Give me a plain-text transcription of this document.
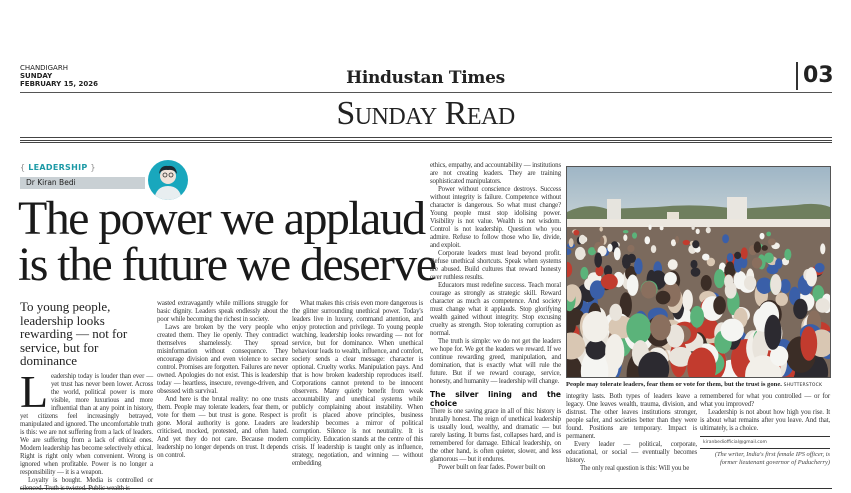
CHANDIGARH
SUNDAY
FEBRUARY 15, 2026	Hindustan Times	03
Sunday Read
{ LEADERSHIP }
Dr Kiran Bedi
The power we applaud
is the future we deserve
To young people, leadership looks rewarding — not for service, but for dominance

Leadership today is louder than ever — yet trust has never been lower. Across the world, political power is more visible, more luxurious and more influential than at any point in history, yet citizens feel increasingly betrayed, manipulated and ignored. The uncomfortable truth is this: we are not suffering from a lack of leaders. We are suffering from a lack of ethical ones. Modern leadership has become selectively ethical. Right is right only when convenient. Wrong is ignored when profitable. Power is no longer a responsibility — it is a weapon.

Loyalty is bought. Media is controlled or silenced. Truth is twisted. Public wealth is

wasted extravagantly while millions struggle for basic dignity. Leaders speak endlessly about the poor while becoming the richest in society.

Laws are broken by the very people who created them. They lie openly. They contradict themselves shamelessly. They spread misinformation without consequence. They encourage division and even violence to secure control. Promises are forgotten. Failures are never owned. Apologies do not exist. This is leadership today — heartless, insecure, revenge-driven, and obsessed with survival.

And here is the brutal reality: no one trusts them. People may tolerate leaders, fear them, or vote for them — but trust is gone. Respect is gone. Moral authority is gone. Leaders are criticised, mocked, protested, and often hated. And yet they do not care. Because modern leadership no longer depends on trust. It depends on control.

What makes this crisis even more dangerous is the glitter surrounding unethical power. Today's leaders live in luxury, command attention, and enjoy protection and privilege. To young people watching, leadership looks rewarding — not for service, but for dominance. When unethical behaviour leads to wealth, influence, and comfort, society sends a clear message: character is optional. Cruelty works. Manipulation pays. And that is how broken leadership reproduces itself. Corporations cannot pretend to be innocent observers. Many quietly benefit from weak accountability and unethical systems while publicly complaining about instability. When profit is placed above principles, business leadership becomes a mirror of political corruption. Silence is not neutrality. It is complicity. Education stands at the centre of this crisis. If leadership is taught only as influence, strategy, negotiation, and winning — without embedding

ethics, empathy, and accountability — institutions are not creating leaders. They are training sophisticated manipulators.

Power without conscience destroys. Success without integrity is failure. Competence without character is dangerous. So what must change? Young people must stop idolising power. Visibility is not value. Wealth is not wisdom. Control is not leadership. Question who you admire. Refuse to follow those who lie, divide, and exploit.

Corporate leaders must lead beyond profit. Refuse unethical shortcuts. Speak when systems are abused. Build cultures that reward honesty over ruthless results.

Educators must redefine success. Teach moral courage as strongly as strategic skill. Reward character as much as competence. And society must change what it applauds. Stop glorifying wealth gained without integrity. Stop excusing cruelty as strength. Stop tolerating corruption as normal.

The truth is simple: we do not get the leaders we hope for. We get the leaders we reward. If we continue rewarding greed, manipulation, and domination, that is exactly what will rule the future. But if we reward courage, service, honesty, and humanity — leadership will change.

The silver lining and the choice

There is one saving grace in all of this: history is brutally honest. The reign of unethical leadership is usually loud, wealthy, and dramatic — but rarely lasting. It burns fast, collapses hard, and is remembered for damage. Ethical leadership, on the other hand, is often quieter, slower, and less glamorous — but it endures.

Power built on fear fades. Power built on

People may tolerate leaders, fear them or vote for them, but the trust is gone. SHUTTERSTOCK

integrity lasts. Both types of leaders leave a legacy. One leaves wealth, trauma, division, and distrust. The other leaves institutions stronger, people safer, and societies better than they were found. Positions are temporary. Impact is permanent.

Every leader — political, corporate, educational, or social — eventually becomes history.

The only real question is this: Will you be

remembered for what you controlled — or for what you improved?

Leadership is not about how high you rise. It is about what remains after you leave. And that, ultimately, is a choice.

kiranbediofficial@gmail.com
(The writer, India's first female IPS officer, is former lieutenant governor of Puducherry)
